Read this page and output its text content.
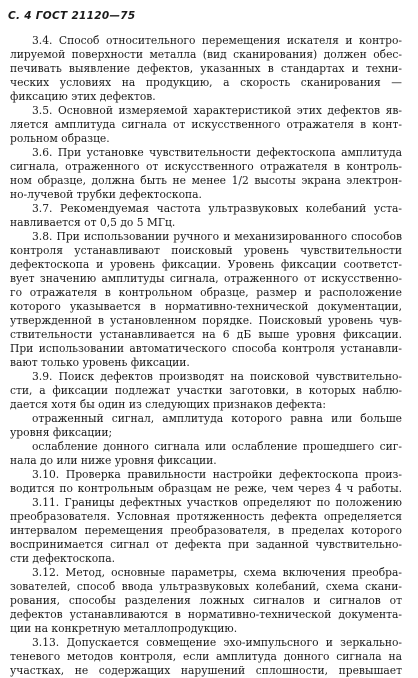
С. 4 ГОСТ 21120—75
3.4. Способ относительного перемещения искателя и контро-
лируемой поверхности металла (вид сканирования) должен обес-
печивать выявление дефектов, указанных в стандартах и техни-
ческих условиях на продукцию, а скорость сканирования —
фиксацию этих дефектов.
3.5. Основной измеряемой характеристикой этих дефектов яв-
ляется амплитуда сигнала от искусственного отражателя в конт-
рольном образце.
3.6. При установке чувствительности дефектоскопа амплитуда
сигнала, отраженного от искусственного отражателя в контроль-
ном образце, должна быть не менее 1/2 высоты экрана электрон-
но-лучевой трубки дефектоскопа.
3.7. Рекомендуемая частота ультразвуковых колебаний уста-
навливается от 0,5 до 5 МГц.
3.8. При использовании ручного и механизированного способов
контроля устанавливают поисковый уровень чувствительности
дефектоскопа и уровень фиксации. Уровень фиксации соответст-
вует значению амплитуды сигнала, отраженного от искусственно-
го отражателя в контрольном образце, размер и расположение
которого указывается в нормативно-технической документации,
утвержденной в установленном порядке. Поисковый уровень чув-
ствительности устанавливается на 6 дБ выше уровня фиксации.
При использовании автоматического способа контроля устанавли-
вают только уровень фиксации.
3.9. Поиск дефектов производят на поисковой чувствительно-
сти, а фиксации подлежат участки заготовки, в которых наблю-
дается хотя бы один из следующих признаков дефекта:
отраженный сигнал, амплитуда которого равна или больше
уровня фиксации;
ослабление донного сигнала или ослабление прошедшего сиг-
нала до или ниже уровня фиксации.
3.10. Проверка правильности настройки дефектоскопа произ-
водится по контрольным образцам не реже, чем через 4 ч работы.
3.11. Границы дефектных участков определяют по положению
преобразователя. Условная протяженность дефекта определяется
интервалом перемещения преобразователя, в пределах которого
воспринимается сигнал от дефекта при заданной чувствительно-
сти дефектоскопа.
3.12. Метод, основные параметры, схема включения преобра-
зователей, способ ввода ультразвуковых колебаний, схема скани-
рования, способы разделения ложных сигналов и сигналов от
дефектов устанавливаются в нормативно-технической документа-
ции на конкретную металлопродукцию.
3.13. Допускается совмещение эхо-импульсного и зеркально-
теневого методов контроля, если амплитуда донного сигнала на
участках, не содержащих нарушений сплошности, превышает
